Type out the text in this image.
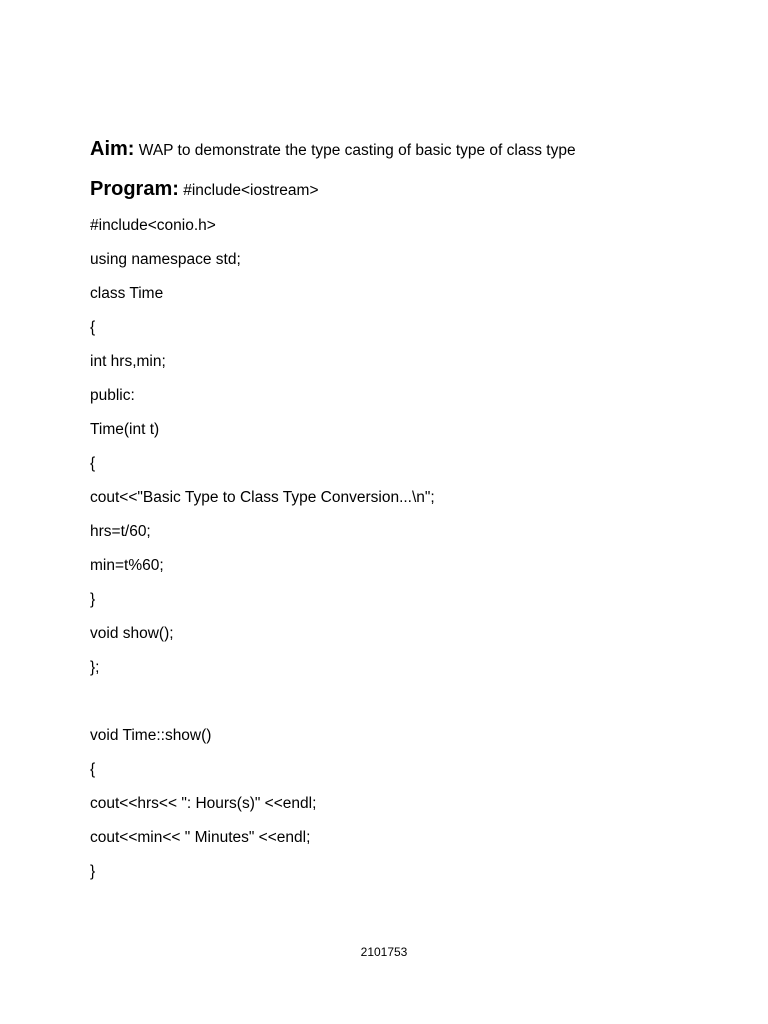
Aim: WAP to demonstrate the type casting of basic type of class type
Program: #include<iostream>
#include<conio.h>
using namespace std;
class Time
{
int hrs,min;
public:
Time(int t)
{
cout<<"Basic Type to Class Type Conversion...\n";
hrs=t/60;
min=t%60;
}
void show();
};
void Time::show()
{
cout<<hrs<< ": Hours(s)" <<endl;
cout<<min<< " Minutes" <<endl;
}
2101753
